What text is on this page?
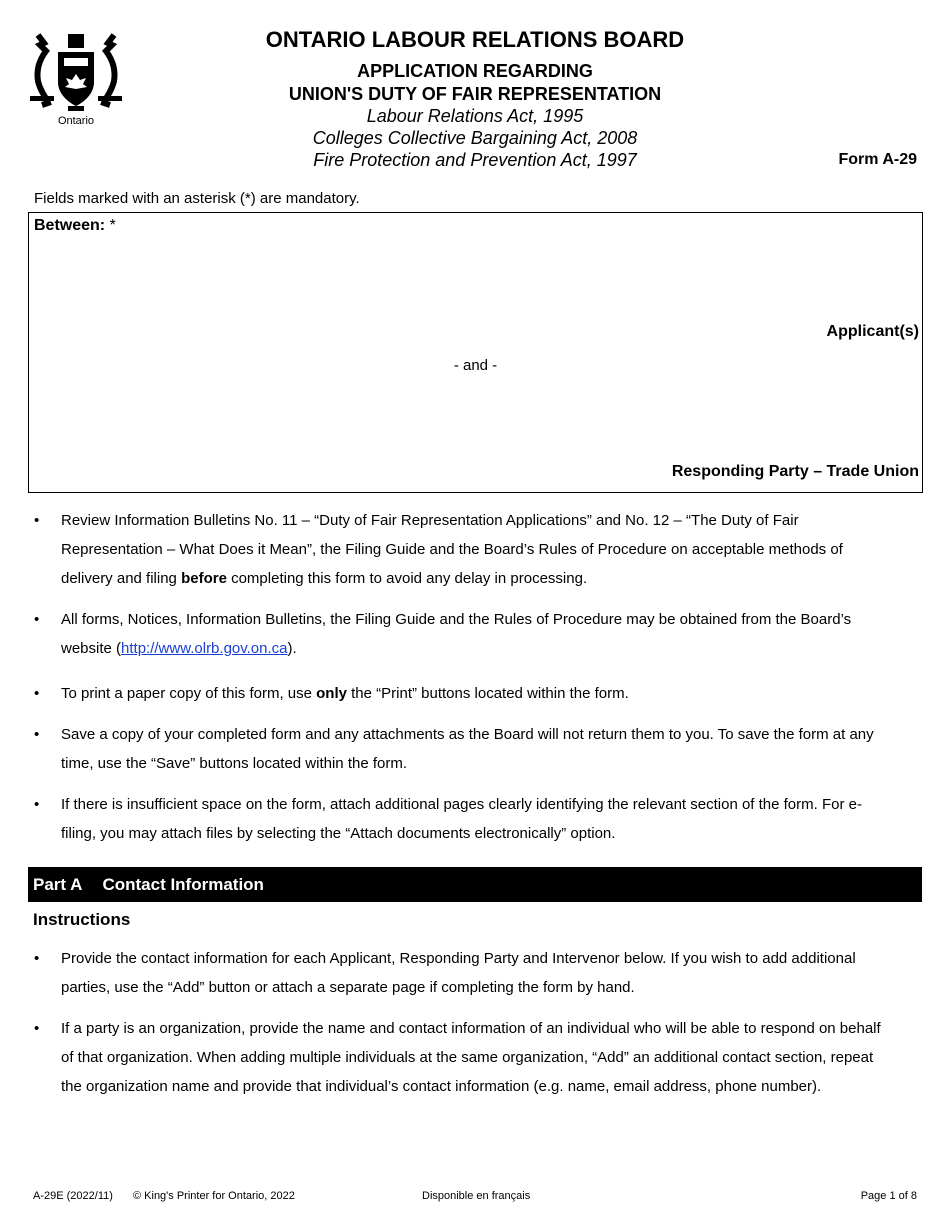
Ontario
ONTARIO LABOUR RELATIONS BOARD
APPLICATION REGARDING
UNION'S DUTY OF FAIR REPRESENTATION
Labour Relations Act, 1995
Colleges Collective Bargaining Act, 2008
Fire Protection and Prevention Act, 1997	Form A-29
Fields marked with an asterisk (*) are mandatory.
Between: *
Applicant(s)
- and -
Responding Party – Trade Union
• Review Information Bulletins No. 11 – “Duty of Fair Representation Applications” and No. 12 – “The Duty of Fair Representation – What Does it Mean”, the Filing Guide and the Board’s Rules of Procedure on acceptable methods of delivery and filing before completing this form to avoid any delay in processing.
• All forms, Notices, Information Bulletins, the Filing Guide and the Rules of Procedure may be obtained from the Board’s website (http://www.olrb.gov.on.ca).
• To print a paper copy of this form, use only the “Print” buttons located within the form.
• Save a copy of your completed form and any attachments as the Board will not return them to you. To save the form at any time, use the “Save” buttons located within the form.
• If there is insufficient space on the form, attach additional pages clearly identifying the relevant section of the form. For e-filing, you may attach files by selecting the “Attach documents electronically” option.
Part A Contact Information
Instructions
• Provide the contact information for each Applicant, Responding Party and Intervenor below. If you wish to add additional parties, use the “Add” button or attach a separate page if completing the form by hand.
• If a party is an organization, provide the name and contact information of an individual who will be able to respond on behalf of that organization. When adding multiple individuals at the same organization, “Add” an additional contact section, repeat the organization name and provide that individual’s contact information (e.g. name, email address, phone number).
A-29E (2022/11) © King's Printer for Ontario, 2022	Disponible en français	Page 1 of 8
